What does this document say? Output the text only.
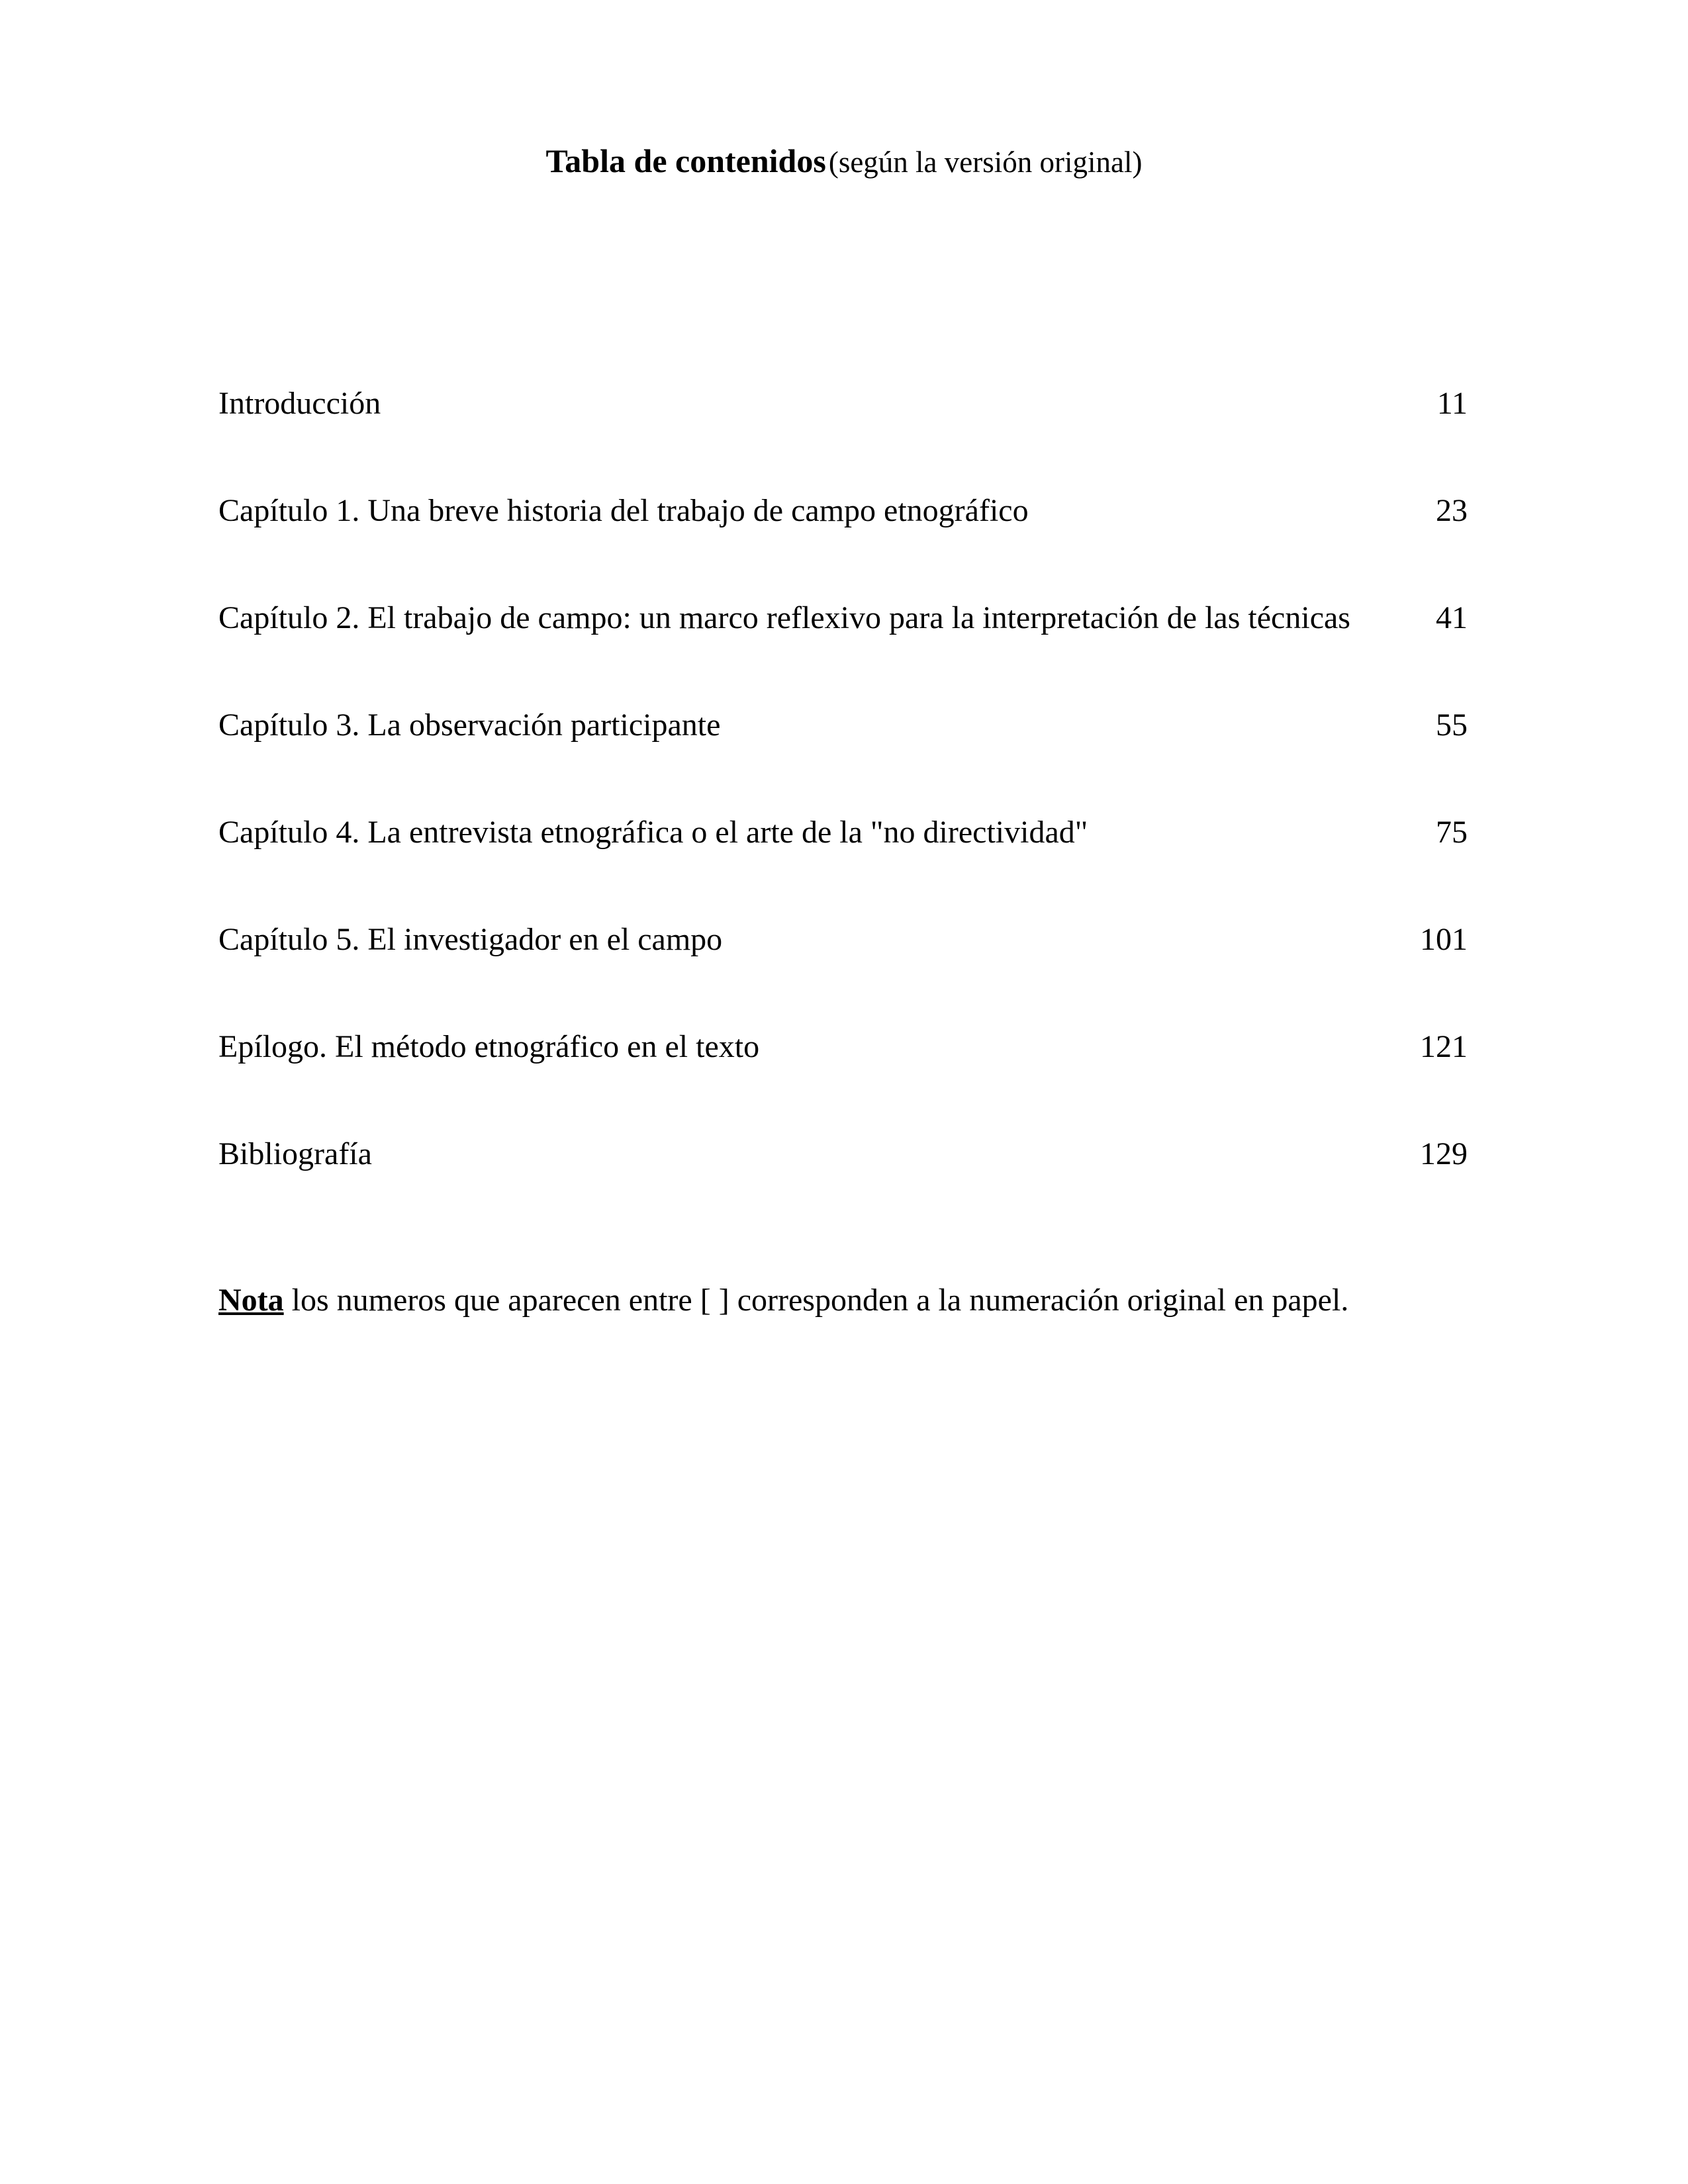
Tabla de contenidos (según la versión original)
Introducción	11
Capítulo 1. Una breve historia del trabajo de campo etnográfico	23
Capítulo 2. El trabajo de campo: un marco reflexivo para la interpretación de las técnicas	41
Capítulo 3. La observación participante	55
Capítulo 4. La entrevista etnográfica o el arte de la "no directividad"	75
Capítulo 5. El investigador en el campo	101
Epílogo. El método etnográfico en el texto	121
Bibliografía	129
Nota los numeros que aparecen entre [ ] corresponden a la numeración original en papel.
